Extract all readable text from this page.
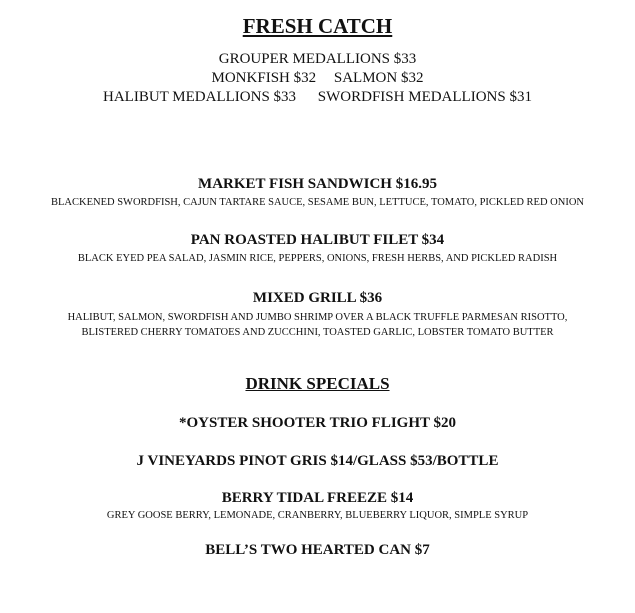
FRESH CATCH
GROUPER MEDALLIONS $33
MONKFISH $32 SALMON $32
HALIBUT MEDALLIONS $33 SWORDFISH MEDALLIONS $31
MARKET FISH SANDWICH $16.95
BLACKENED SWORDFISH, CAJUN TARTARE SAUCE, SESAME BUN, LETTUCE, TOMATO, PICKLED RED ONION
PAN ROASTED HALIBUT FILET $34
BLACK EYED PEA SALAD, JASMIN RICE, PEPPERS, ONIONS, FRESH HERBS, AND PICKLED RADISH
MIXED GRILL $36
HALIBUT, SALMON, SWORDFISH AND JUMBO SHRIMP OVER A BLACK TRUFFLE PARMESAN RISOTTO,
BLISTERED CHERRY TOMATOES AND ZUCCHINI, TOASTED GARLIC, LOBSTER TOMATO BUTTER
DRINK SPECIALS
*OYSTER SHOOTER TRIO FLIGHT $20
J VINEYARDS PINOT GRIS $14/GLASS $53/BOTTLE
BERRY TIDAL FREEZE $14
GREY GOOSE BERRY, LEMONADE, CRANBERRY, BLUEBERRY LIQUOR, SIMPLE SYRUP
BELL’S TWO HEARTED CAN $7
